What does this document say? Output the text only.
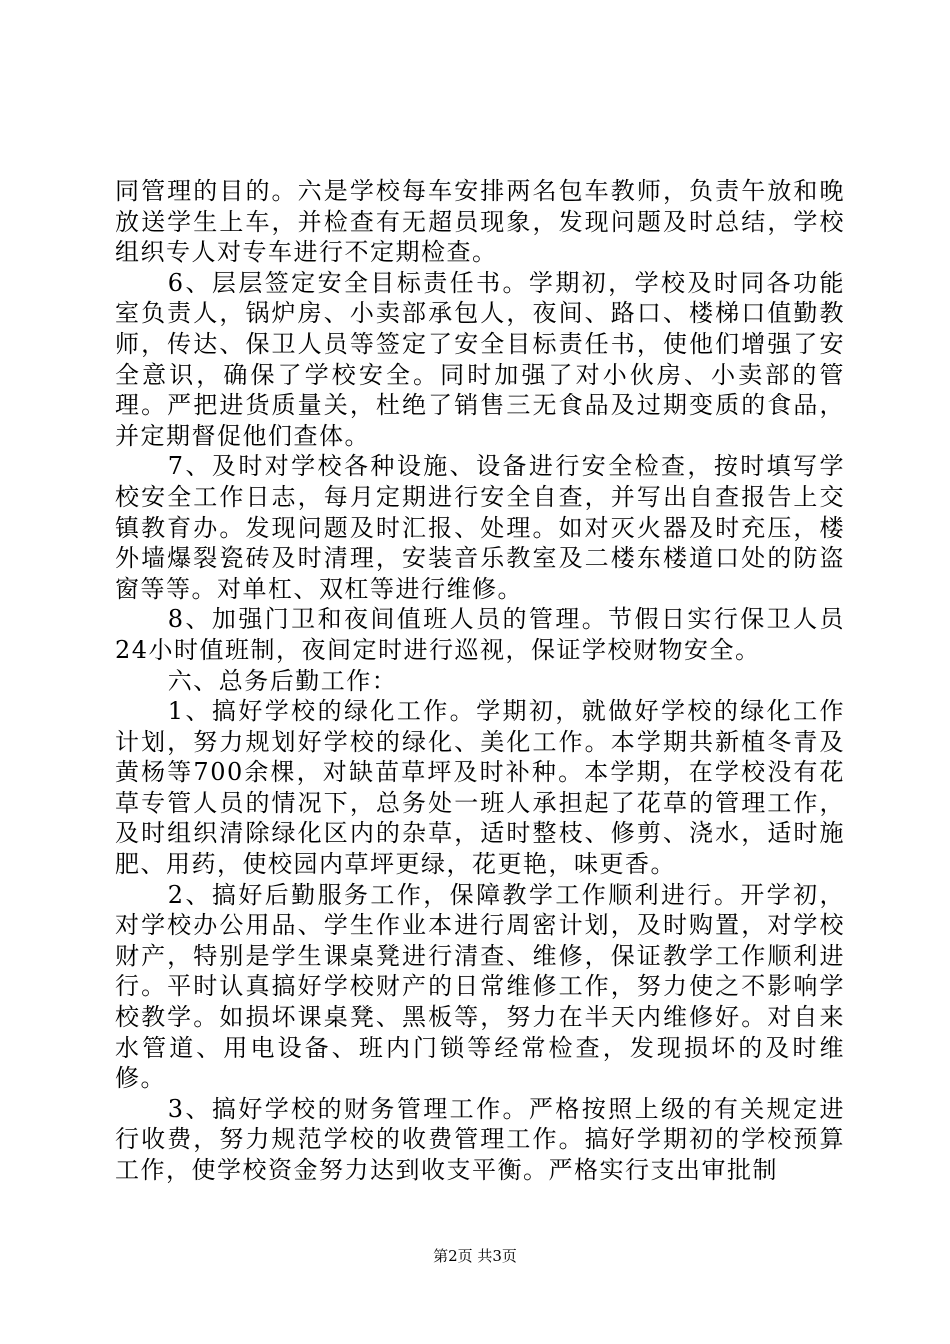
同管理的目的。六是学校每车安排两名包车教师，负责午放和晚放送学生上车，并检查有无超员现象，发现问题及时总结，学校组织专人对专车进行不定期检查。

6、层层签定安全目标责任书。学期初，学校及时同各功能室负责人，锅炉房、小卖部承包人，夜间、路口、楼梯口值勤教师，传达、保卫人员等签定了安全目标责任书，使他们增强了安全意识，确保了学校安全。同时加强了对小伙房、小卖部的管理。严把进货质量关，杜绝了销售三无食品及过期变质的食品，并定期督促他们查体。

7、及时对学校各种设施、设备进行安全检查，按时填写学校安全工作日志，每月定期进行安全自查，并写出自查报告上交镇教育办。发现问题及时汇报、处理。如对灭火器及时充压，楼外墙爆裂瓷砖及时清理，安装音乐教室及二楼东楼道口处的防盗窗等等。对单杠、双杠等进行维修。

8、加强门卫和夜间值班人员的管理。节假日实行保卫人员24小时值班制，夜间定时进行巡视，保证学校财物安全。

六、总务后勤工作：

1、搞好学校的绿化工作。学期初，就做好学校的绿化工作计划，努力规划好学校的绿化、美化工作。本学期共新植冬青及黄杨等700余棵，对缺苗草坪及时补种。本学期，在学校没有花草专管人员的情况下，总务处一班人承担起了花草的管理工作，及时组织清除绿化区内的杂草，适时整枝、修剪、浇水，适时施肥、用药，使校园内草坪更绿，花更艳，味更香。

2、搞好后勤服务工作，保障教学工作顺利进行。开学初，对学校办公用品、学生作业本进行周密计划，及时购置，对学校财产，特别是学生课桌凳进行清查、维修，保证教学工作顺利进行。平时认真搞好学校财产的日常维修工作，努力使之不影响学校教学。如损坏课桌凳、黑板等，努力在半天内维修好。对自来水管道、用电设备、班内门锁等经常检查，发现损坏的及时维修。

3、搞好学校的财务管理工作。严格按照上级的有关规定进行收费，努力规范学校的收费管理工作。搞好学期初的学校预算工作，使学校资金努力达到收支平衡。严格实行支出审批制

第2页 共3页
